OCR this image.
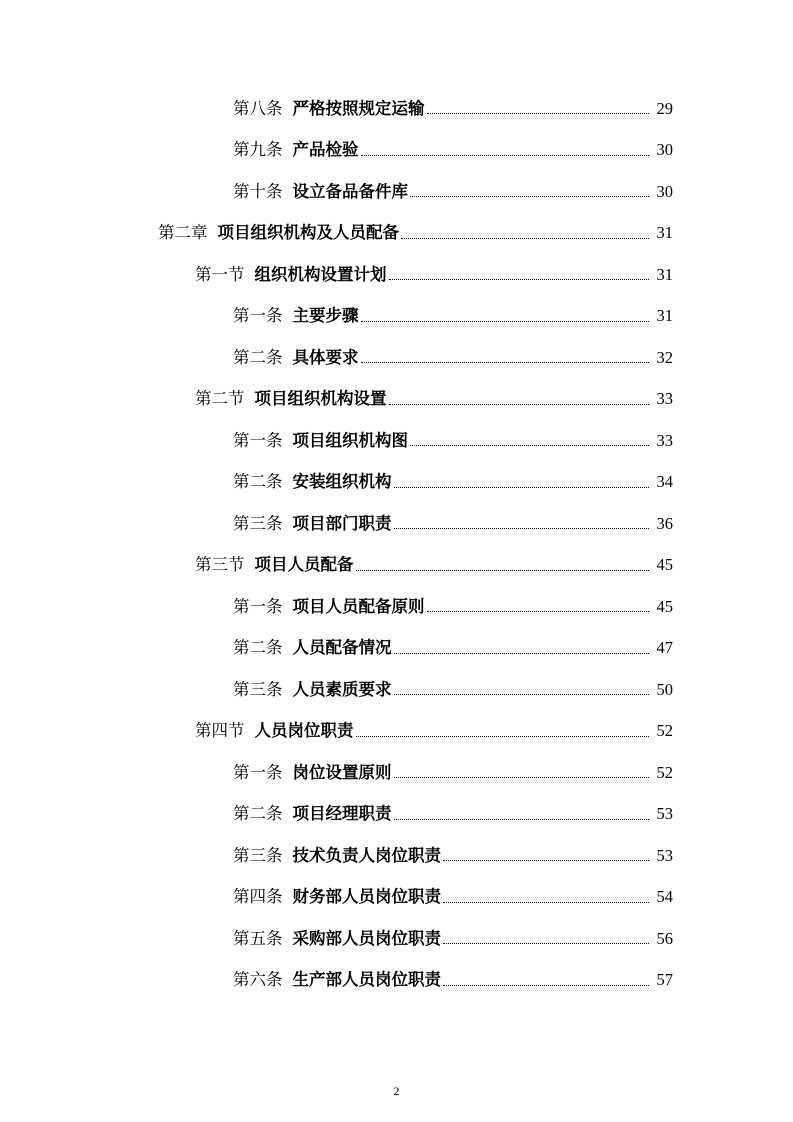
第八条 严格按照规定运输	29
第九条 产品检验	30
第十条 设立备品备件库	30
第二章 项目组织机构及人员配备	31
第一节 组织机构设置计划	31
第一条 主要步骤	31
第二条 具体要求	32
第二节 项目组织机构设置	33
第一条 项目组织机构图	33
第二条 安装组织机构	34
第三条 项目部门职责	36
第三节 项目人员配备	45
第一条 项目人员配备原则	45
第二条 人员配备情况	47
第三条 人员素质要求	50
第四节 人员岗位职责	52
第一条 岗位设置原则	52
第二条 项目经理职责	53
第三条 技术负责人岗位职责	53
第四条 财务部人员岗位职责	54
第五条 采购部人员岗位职责	56
第六条 生产部人员岗位职责	57
2
